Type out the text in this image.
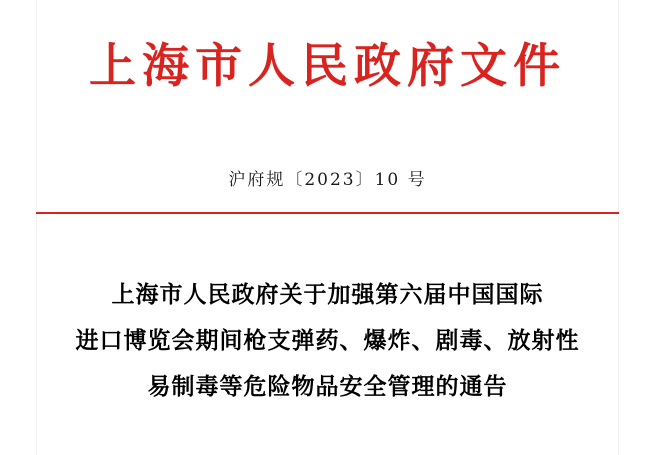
上海市人民政府文件
沪府规〔2023〕10 号
上海市人民政府关于加强第六届中国国际
进口博览会期间枪支弹药、爆炸、剧毒、放射性
易制毒等危险物品安全管理的通告
